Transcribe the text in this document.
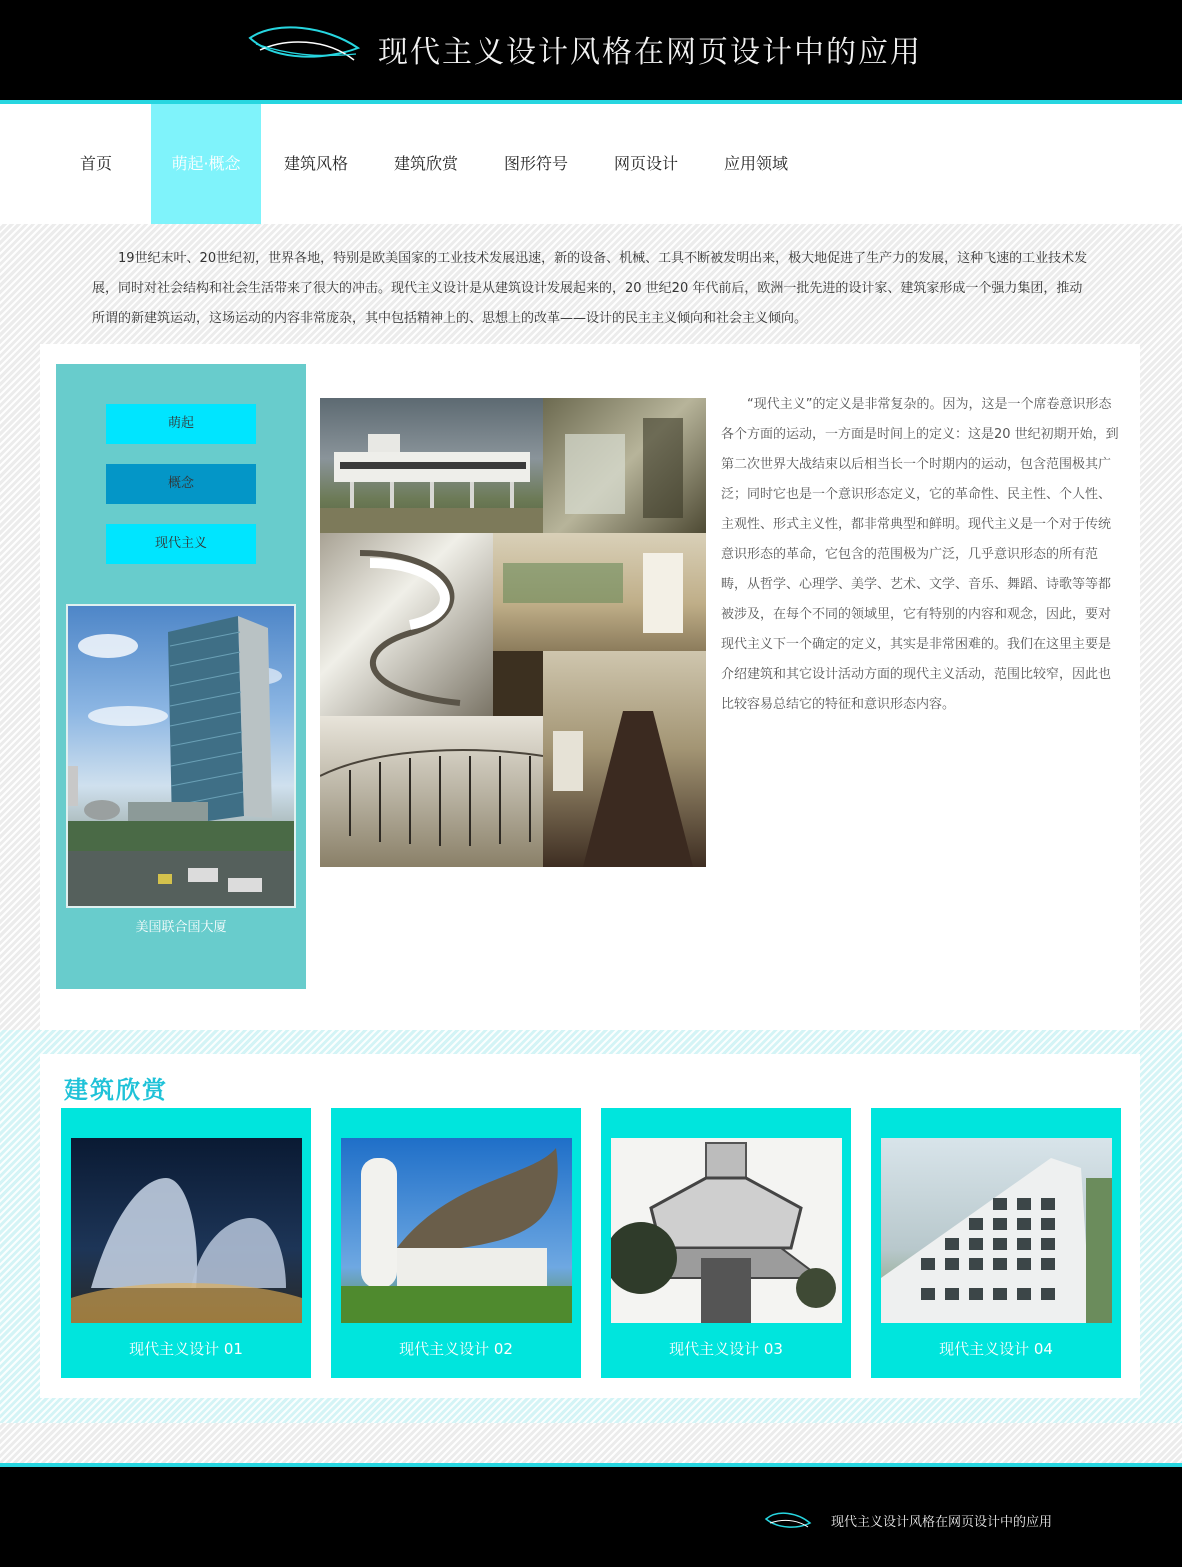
现代主义设计风格在网页设计中的应用
首页	萌起·概念	建筑风格	建筑欣赏	图形符号	网页设计	应用领域

19世纪末叶、20世纪初，世界各地，特别是欧美国家的工业技术发展迅速，新的设备、机械、工具不断被发明出来，极大地促进了生产力的发展，这种飞速的工业技术发展，同时对社会结构和社会生活带来了很大的冲击。现代主义设计是从建筑设计发展起来的，20 世纪20 年代前后，欧洲一批先进的设计家、建筑家形成一个强力集团，推动所谓的新建筑运动，这场运动的内容非常庞杂，其中包括精神上的、思想上的改革——设计的民主主义倾向和社会主义倾向。

萌起
概念
现代主义
美国联合国大厦

“现代主义”的定义是非常复杂的。因为，这是一个席卷意识形态各个方面的运动，一方面是时间上的定义：这是20 世纪初期开始，到第二次世界大战结束以后相当长一个时期内的运动，包含范围极其广泛；同时它也是一个意识形态定义，它的革命性、民主性、个人性、主观性、形式主义性，都非常典型和鲜明。现代主义是一个对于传统意识形态的革命，它包含的范围极为广泛，几乎意识形态的所有范畴，从哲学、心理学、美学、艺术、文学、音乐、舞蹈、诗歌等等都被涉及，在每个不同的领域里，它有特别的内容和观念，因此，要对现代主义下一个确定的定义，其实是非常困难的。我们在这里主要是介绍建筑和其它设计活动方面的现代主义活动，范围比较窄，因此也比较容易总结它的特征和意识形态内容。

建筑欣赏
现代主义设计 01	现代主义设计 02	现代主义设计 03	现代主义设计 04
现代主义设计风格在网页设计中的应用
